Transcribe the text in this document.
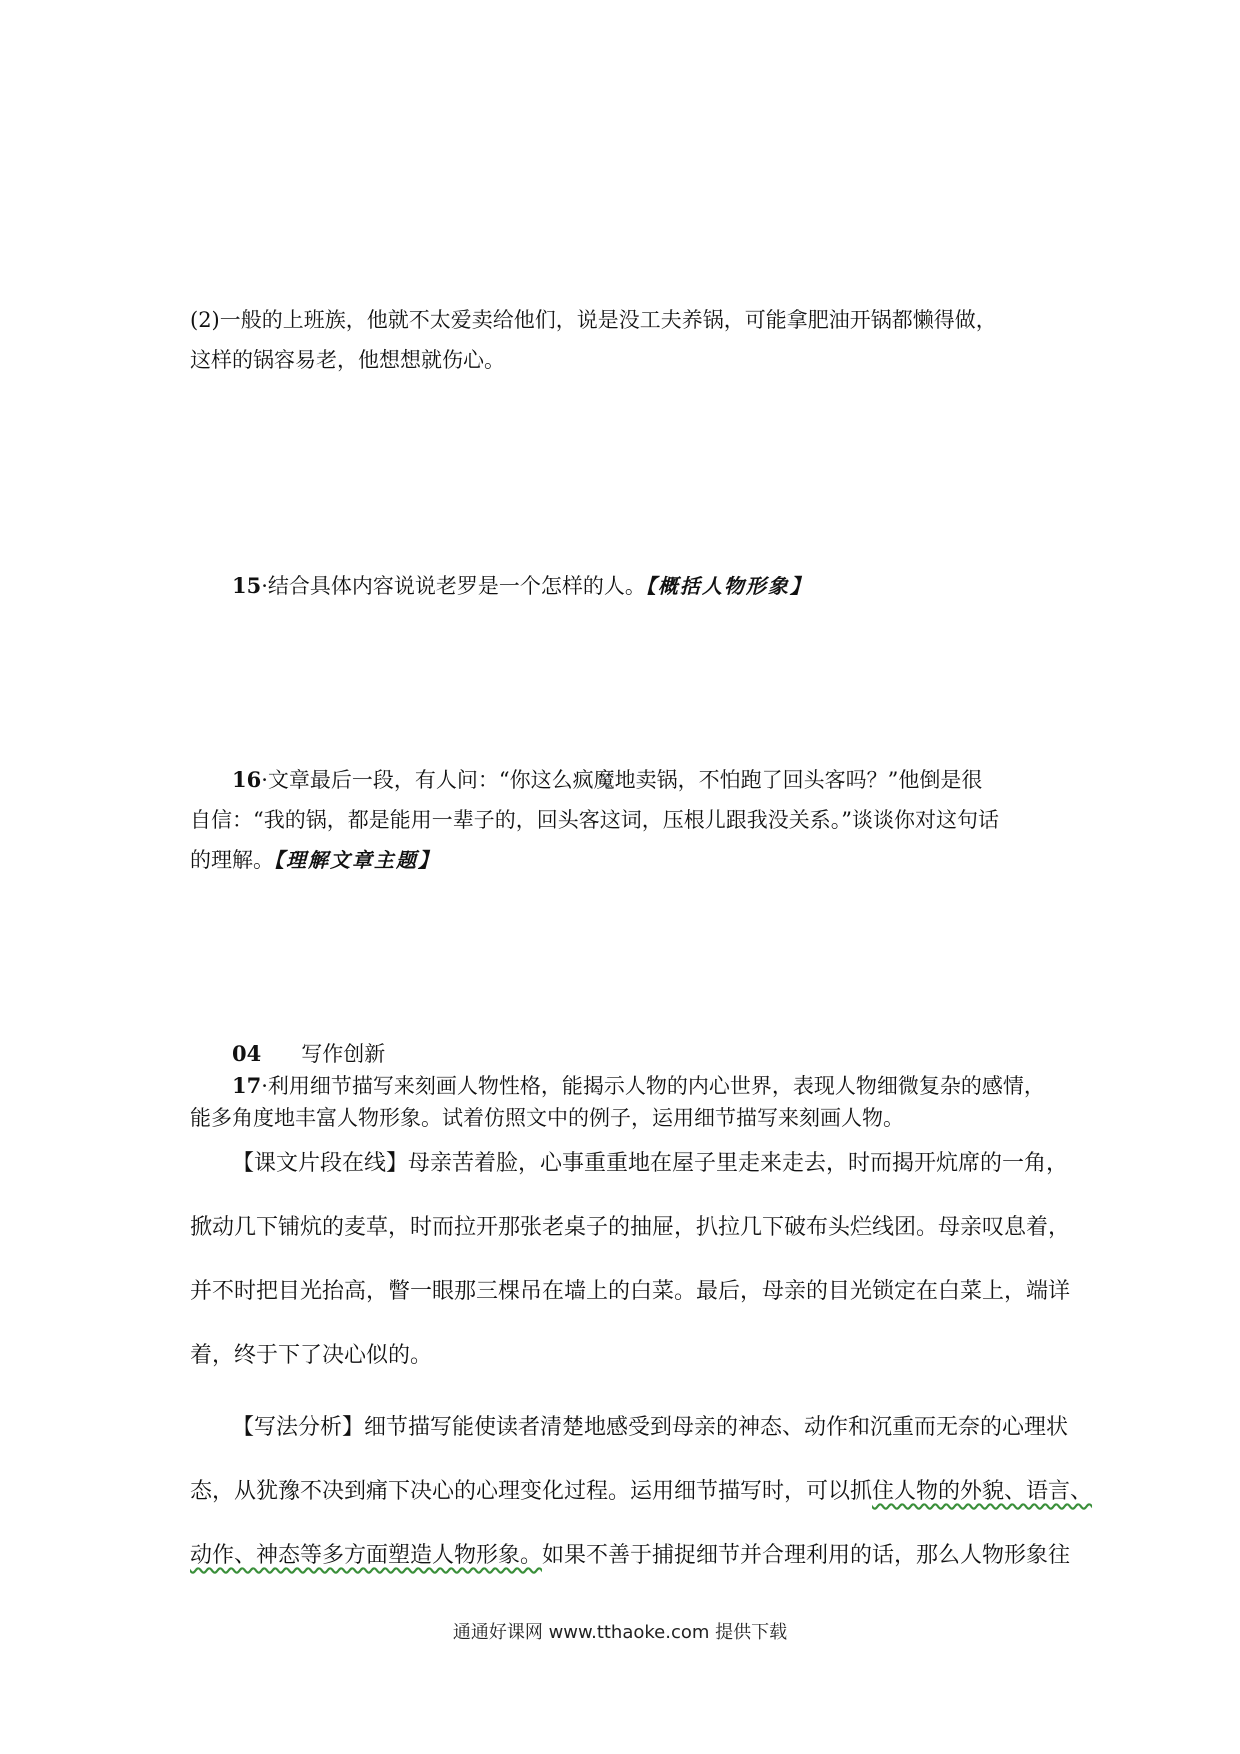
(2)一般的上班族，他就不太爱卖给他们，说是没工夫养锅，可能拿肥油开锅都懒得做，
这样的锅容易老，他想想就伤心。
15·结合具体内容说说老罗是一个怎样的人。【概括人物形象】
16·文章最后一段，有人问：“你这么疯魔地卖锅，不怕跑了回头客吗？”他倒是很
自信：“我的锅，都是能用一辈子的，回头客这词，压根儿跟我没关系。”谈谈你对这句话
的理解。【理解文章主题】
04 写作创新
17·利用细节描写来刻画人物性格，能揭示人物的内心世界，表现人物细微复杂的感情，
能多角度地丰富人物形象。试着仿照文中的例子，运用细节描写来刻画人物。
【课文片段在线】母亲苦着脸，心事重重地在屋子里走来走去，时而揭开炕席的一角，
掀动几下铺炕的麦草，时而拉开那张老桌子的抽屉，扒拉几下破布头烂线团。母亲叹息着，
并不时把目光抬高，瞥一眼那三棵吊在墙上的白菜。最后，母亲的目光锁定在白菜上，端详
着，终于下了决心似的。
【写法分析】细节描写能使读者清楚地感受到母亲的神态、动作和沉重而无奈的心理状
态，从犹豫不决到痛下决心的心理变化过程。运用细节描写时，可以抓住人物的外貌、语言、
动作、神态等多方面塑造人物形象。如果不善于捕捉细节并合理利用的话，那么人物形象往
通通好课网 www.tthaoke.com 提供下载
